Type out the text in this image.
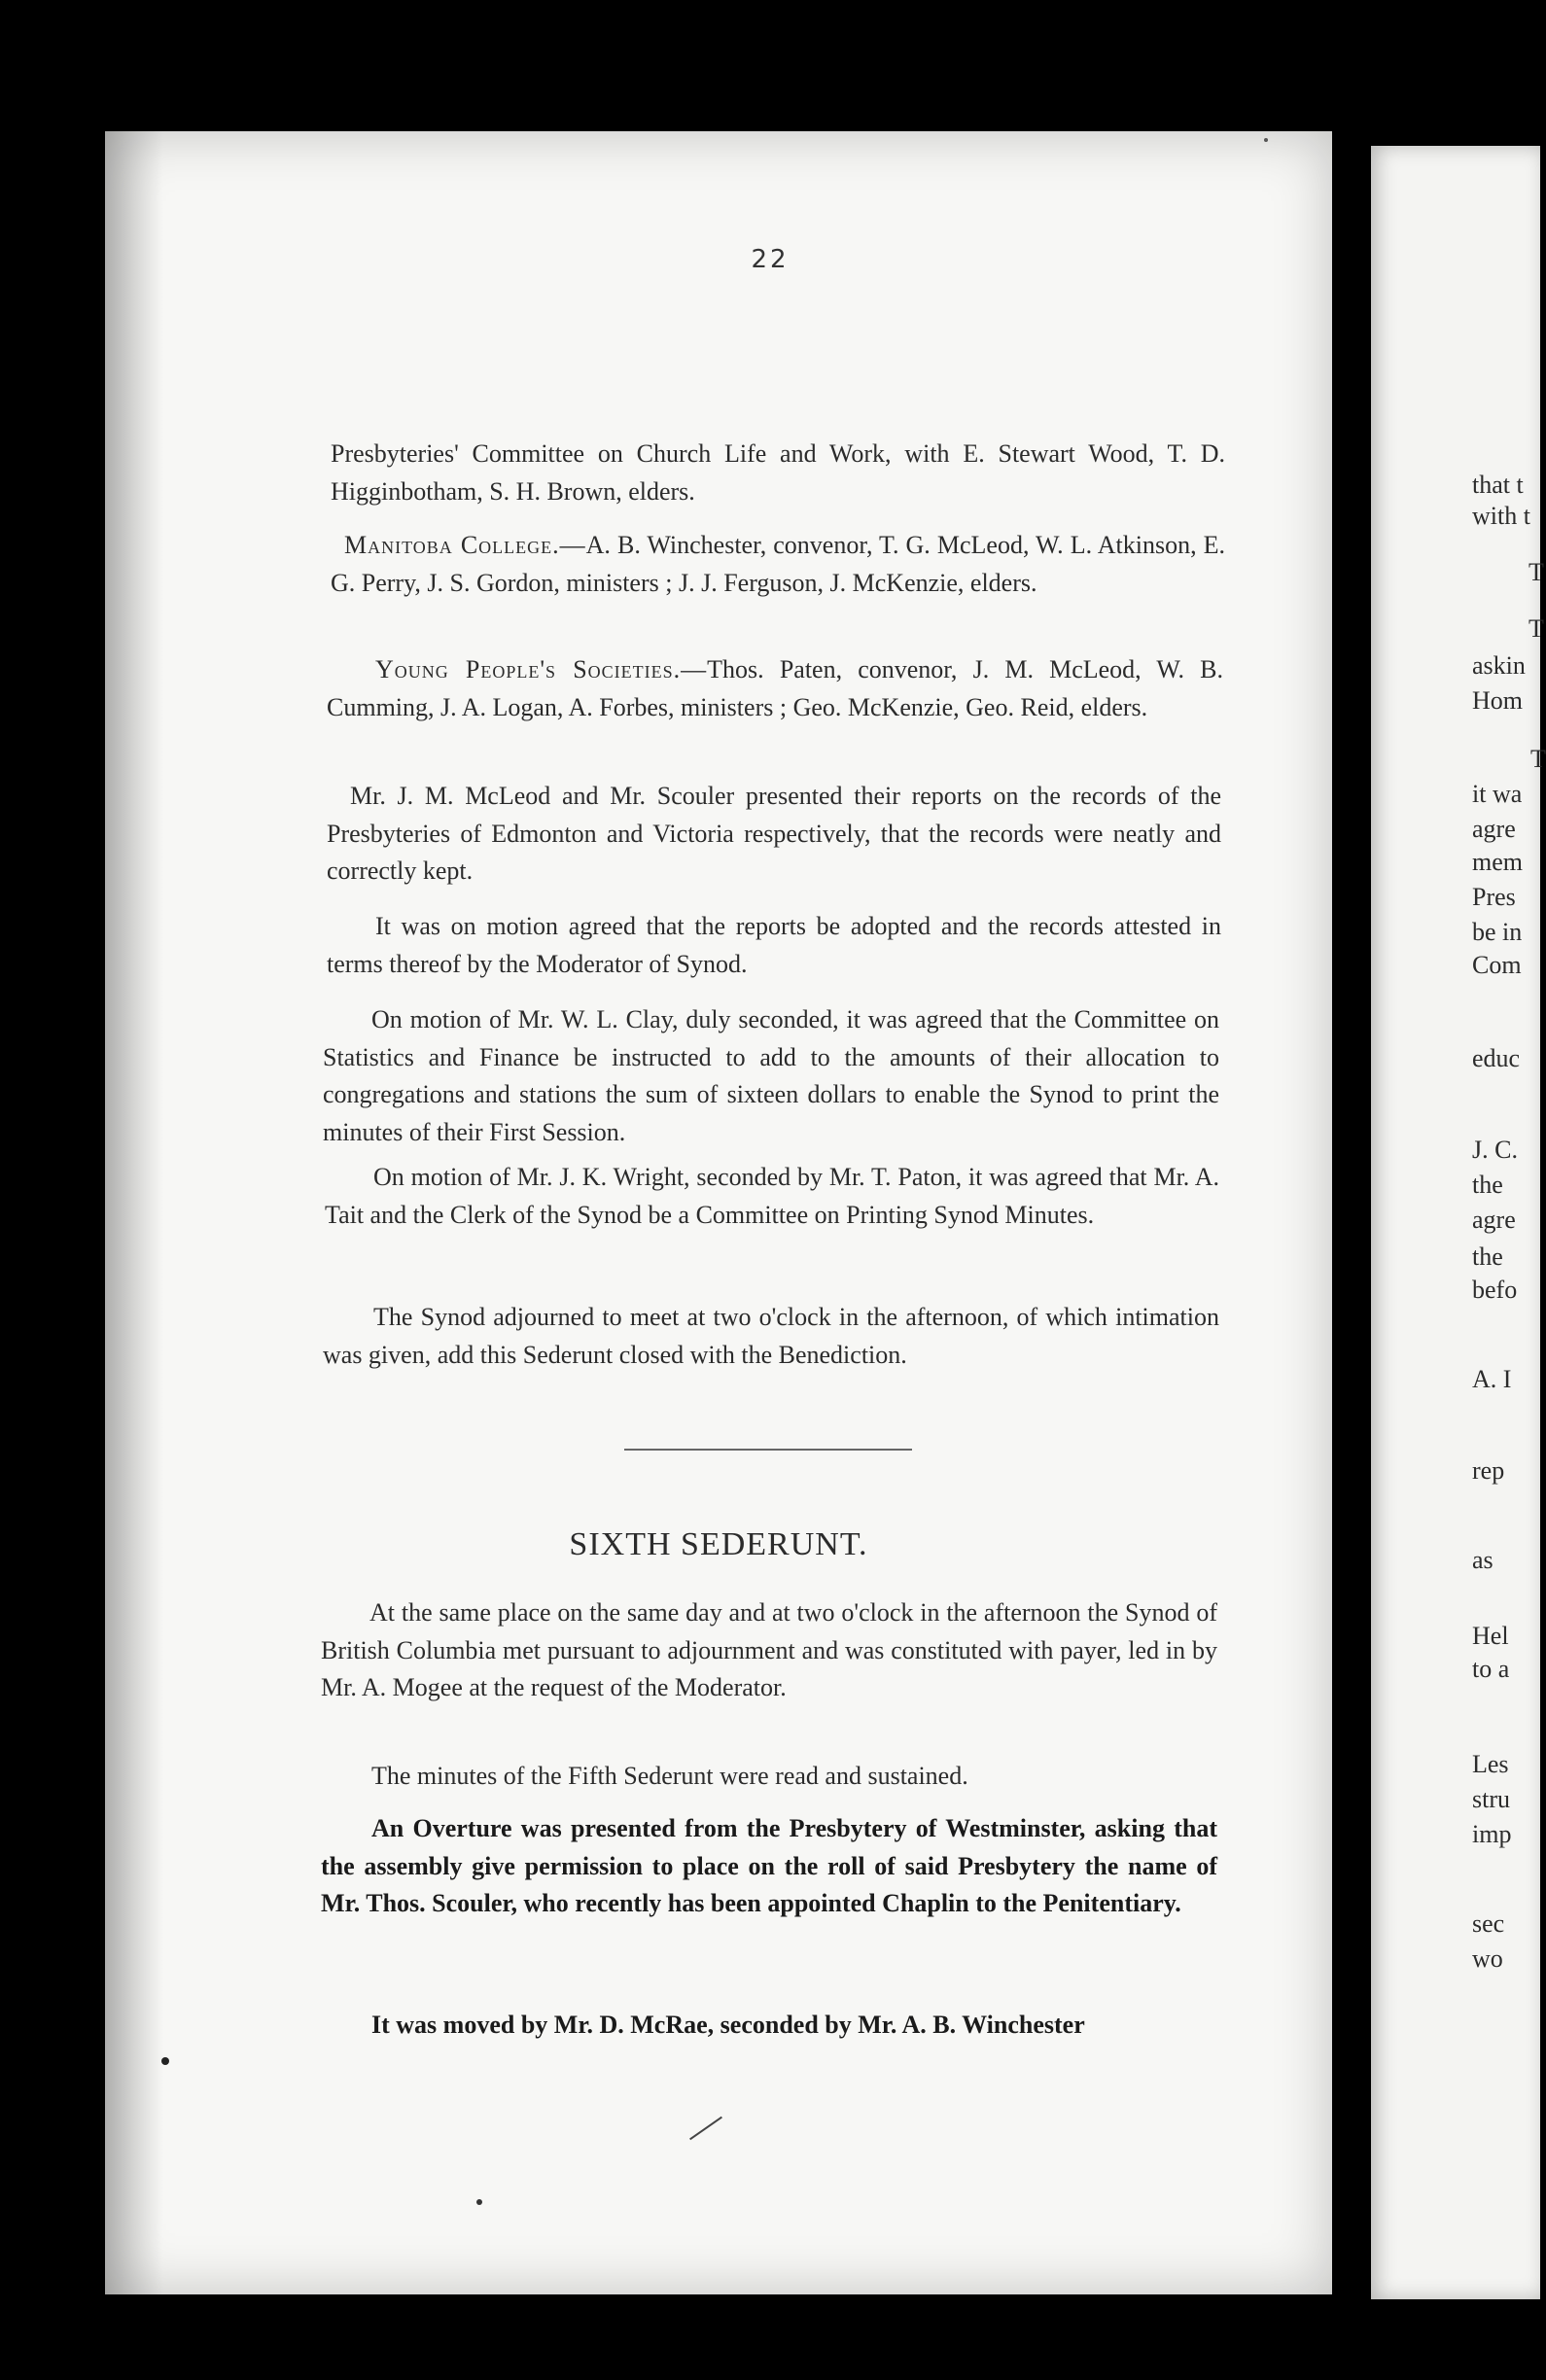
22

Presbyteries' Committee on Church Life and Work, with E. Stewart Wood, T. D. Higginbotham, S. H. Brown, elders.

Manitoba College.—A. B. Winchester, convenor, T. G. McLeod, W. L. Atkinson, E. G. Perry, J. S. Gordon, ministers ; J. J. Ferguson, J. McKenzie, elders.

Young People's Societies.—Thos. Paten, convenor, J. M. McLeod, W. B. Cumming, J. A. Logan, A. Forbes, ministers ; Geo. McKenzie, Geo. Reid, elders.

Mr. J. M. McLeod and Mr. Scouler presented their reports on the records of the Presbyteries of Edmonton and Victoria respectively, that the records were neatly and correctly kept.

It was on motion agreed that the reports be adopted and the records attested in terms thereof by the Moderator of Synod.

On motion of Mr. W. L. Clay, duly seconded, it was agreed that the Committee on Statistics and Finance be instructed to add to the amounts of their allocation to congregations and stations the sum of sixteen dollars to enable the Synod to print the minutes of their First Session.

On motion of Mr. J. K. Wright, seconded by Mr. T. Paton, it was agreed that Mr. A. Tait and the Clerk of the Synod be a Committee on Printing Synod Minutes.

The Synod adjourned to meet at two o'clock in the afternoon, of which intimation was given, add this Sederunt closed with the Benediction.

SIXTH SEDERUNT.

At the same place on the same day and at two o'clock in the afternoon the Synod of British Columbia met pursuant to adjournment and was constituted with payer, led in by Mr. A. Mogee at the request of the Moderator.

The minutes of the Fifth Sederunt were read and sustained.

An Overture was presented from the Presbytery of Westminster, asking that the assembly give permission to place on the roll of said Presbytery the name of Mr. Thos. Scouler, who recently has been appointed Chaplin to the Penitentiary.

It was moved by Mr. D. McRae, seconded by Mr. A. B. Winchester

that t
with t
T
T
askin
Hom
T
it wa
agre
mem
Pres
be in
Com
educ
J. C.
the
agre
the
befo
A. I
rep
as
Hel
to a
Les
stru
imp
sec
wo
